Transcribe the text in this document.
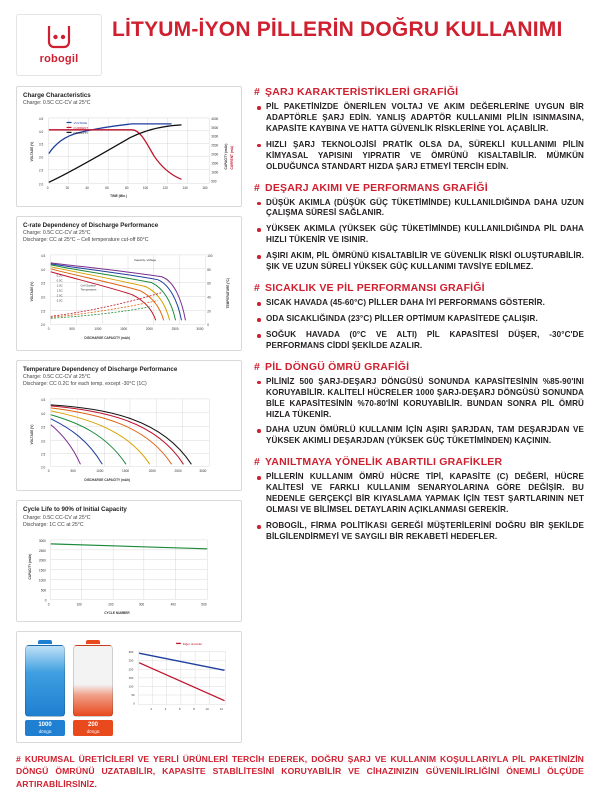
robogil
LİTYUM-İYON PİLLERİN DOĞRU KULLANIMI
Charge Characteristics
Charge: 0.5C CC-CV at 25°C
4.5
4.0
3.5
3.0
2.5
2.0
4000
3500
3000
2500
2000
1500
1000
500
0	20	40	60	80	100	120	140	160
TIME (Min.)
VOLTAGE (V)	CAPACITY (mAh) CURRENT (mA)
VOLTAGE
CURRENT
CAPACITY
C-rate Dependency of Discharge Performance
Charge: 0.5C CC-CV at 25°C
Discharge: CC at 25°C – Cell temperature cut-off 80°C
4.5
4.0
3.5
3.0
2.5
2.0
100
80
60
40
20
0
0	500	1000	1500	2000	2500	3000
DISCHARGE CAPACITY (mAh)
VOLTAGE (V)	TEMPERATURE (°C)
Capacity–Voltage
Cell Surface
Temperature
0.2C
0.5C
1.0C
1.5C
2.0C
3.0C
Temperature Dependency of Discharge Performance
Charge: 0.5C CC-CV at 25°C
Discharge: CC 0.2C for each temp. except -30°C (1C)
4.5
4.0
3.5
3.0
2.5
2.0
0	500	1000	1500	2000	2500	3000
DISCHARGE CAPACITY (mAh)
VOLTAGE (V)
Cycle Life to 90% of Initial Capacity
Charge: 0.5C CC-CV at 25°C
Discharge: 1C CC at 25°C
3000
2500
2000
1500
1000
500
0
0	100	200	300	400	500
CYCLE NUMBER
CAPACITY (mAh)
1000
döngü
200
döngü
300
250
200
150
100
50
0
2	4	6	8	10	12
Diğer üreticiler
# ŞARJ KARAKTERİSTİKLERİ GRAFİĞİ
PİL PAKETİNİZDE ÖNERİLEN VOLTAJ VE AKIM DEĞERLERİNE UYGUN BİR ADAPTÖRLE ŞARJ EDİN. YANLIŞ ADAPTÖR KULLANIMI PİLİN ISINMASINA, KAPASİTE KAYBINA VE HATTA GÜVENLİK RİSKLERİNE YOL AÇABİLİR.
HIZLI ŞARJ TEKNOLOJİSİ PRATİK OLSA DA, SÜREKLİ KULLANIMI PİLİN KİMYASAL YAPISINI YIPRATIR VE ÖMRÜNÜ KISALTABİLİR. MÜMKÜN OLDUĞUNCA STANDART HIZDA ŞARJ ETMEYİ TERCİH EDİN.
# DEŞARJ AKIMI VE PERFORMANS GRAFİĞİ
DÜŞÜK AKIMLA (DÜŞÜK GÜÇ TÜKETİMİNDE) KULLANILDIĞINDA DAHA UZUN ÇALIŞMA SÜRESİ SAĞLANIR.
YÜKSEK AKIMLA (YÜKSEK GÜÇ TÜKETİMİNDE) KULLANILDIĞINDA PİL DAHA HIZLI TÜKENİR VE ISINIR.
AŞIRI AKIM, PİL ÖMRÜNÜ KISALTABİLİR VE GÜVENLİK RİSKİ OLUŞTURABİLİR. ŞIK VE UZUN SÜRELİ YÜKSEK GÜÇ KULLANIMI TAVSİYE EDİLMEZ.
# SICAKLIK VE PİL PERFORMANSI GRAFİĞİ
SICAK HAVADA (45-60°C) PİLLER DAHA İYİ PERFORMANS GÖSTERİR.
ODA SICAKLIĞINDA (23°C) PİLLER OPTİMUM KAPASİTEDE ÇALIŞIR.
SOĞUK HAVADA (0°C VE ALTI) PİL KAPASİTESİ DÜŞER, -30°C'DE PERFORMANS CİDDİ ŞEKİLDE AZALIR.
# PİL DÖNGÜ ÖMRÜ GRAFİĞİ
PİLİNİZ 500 ŞARJ-DEŞARJ DÖNGÜSÜ SONUNDA KAPASİTESİNİN %85-90'INI KORUYABİLİR. KALİTELİ HÜCRELER 1000 ŞARJ-DEŞARJ DÖNGÜSÜ SONUNDA BİLE KAPASİTESİNİN %70-80'İNİ KORUYABİLİR. BUNDAN SONRA PİL ÖMRÜ HIZLA TÜKENİR.
DAHA UZUN ÖMÜRLÜ KULLANIM İÇİN AŞIRI ŞARJDAN, TAM DEŞARJDAN VE YÜKSEK AKIMLI DEŞARJDAN (YÜKSEK GÜÇ TÜKETİMİNDEN) KAÇININ.
# YANILTMAYA YÖNELİK ABARTILI GRAFİKLER
PİLLERİN KULLANIM ÖMRÜ HÜCRE TİPİ, KAPASİTE (C) DEĞERİ, HÜCRE KALİTESİ VE FARKLI KULLANIM SENARYOLARINA GÖRE DEĞİŞİR. BU NEDENLE GERÇEKÇİ BİR KIYASLAMA YAPMAK İÇİN TEST ŞARTLARININ NET OLMASI VE BİLİMSEL DETAYLARIN AÇIKLANMASI GEREKİR.
ROBOGİL, FİRMA POLİTİKASI GEREĞİ MÜŞTERİLERİNİ DOĞRU BİR ŞEKİLDE BİLGİLENDİRMEYİ VE SAYGILI BİR REKABETİ HEDEFLER.
# KURUMSAL ÜRETİCİLERİ VE YERLİ ÜRÜNLERİ TERCİH EDEREK, DOĞRU ŞARJ VE KULLANIM KOŞULLARIYLA PİL PAKETİNİZİN DÖNGÜ ÖMRÜNÜ UZATABİLİR, KAPASİTE STABİLİTESİNİ KORUYABİLİR VE CİHAZINIZIN GÜVENİLİRLİĞİNİ ÖNEMLİ ÖLÇÜDE ARTIRABİLİRSİNİZ.
